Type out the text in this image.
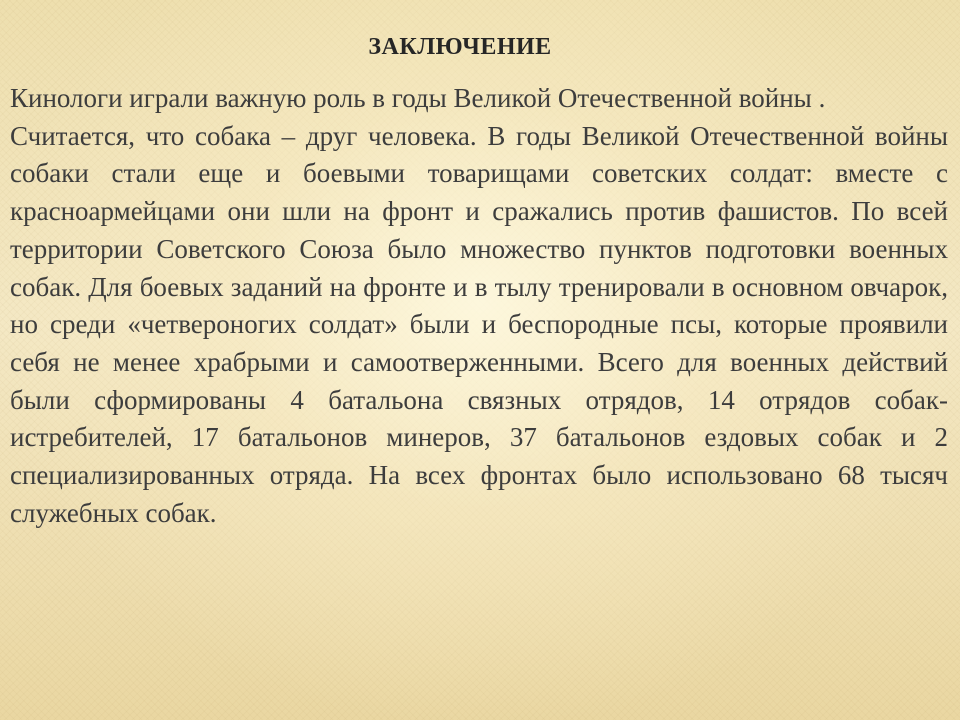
ЗАКЛЮЧЕНИЕ

Кинологи играли важную роль в годы Великой Отечественной войны .

Считается, что собака – друг человека. В годы Великой Отечественной войны собаки стали еще и боевыми товарищами советских солдат: вместе с красноармейцами они шли на фронт и сражались против фашистов. По всей территории Советского Союза было множество пунктов подготовки военных собак. Для боевых заданий на фронте и в тылу тренировали в основном овчарок, но среди «четвероногих солдат» были и беспородные псы, которые проявили себя не менее храбрыми и самоотверженными. Всего для военных действий были сформированы 4 батальона связных отрядов, 14 отрядов собак-истребителей, 17 батальонов минеров, 37 батальонов ездовых собак и 2 специализированных отряда. На всех фронтах было использовано 68 тысяч служебных собак.
